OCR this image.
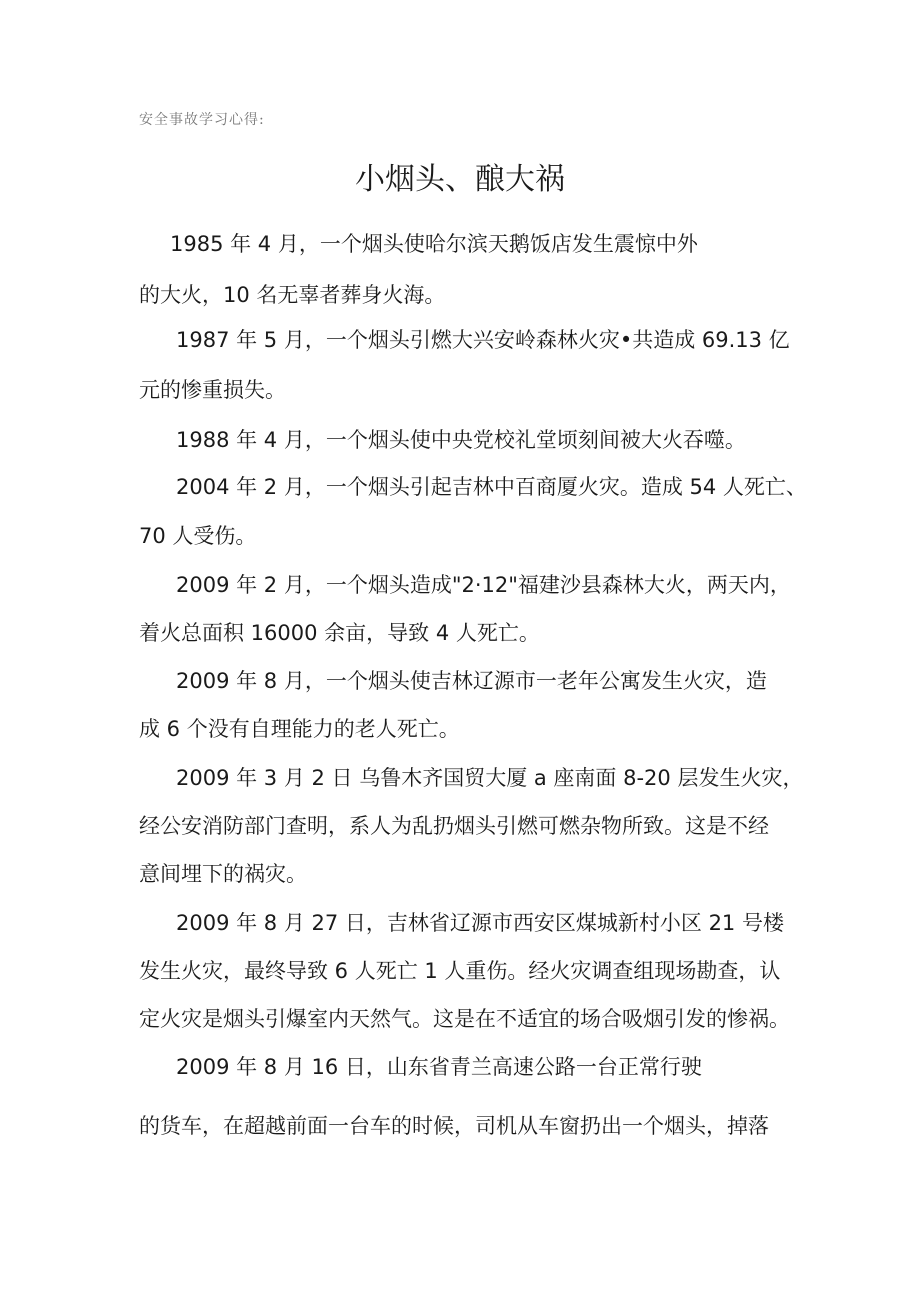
安全事故学习心得:
小烟头、酿大祸
1985 年 4 月，一个烟头使哈尔滨天鹅饭店发生震惊中外
的大火，10 名无辜者葬身火海。
1987 年 5 月，一个烟头引燃大兴安岭森林火灾•共造成 69.13 亿
元的惨重损失。
1988 年 4 月，一个烟头使中央党校礼堂顷刻间被大火吞噬。
2004 年 2 月，一个烟头引起吉林中百商厦火灾。造成 54 人死亡、
70 人受伤。
2009 年 2 月，一个烟头造成"2·12"福建沙县森林大火，两天内，
着火总面积 16000 余亩，导致 4 人死亡。
2009 年 8 月，一个烟头使吉林辽源市一老年公寓发生火灾，造
成 6 个没有自理能力的老人死亡。
2009 年 3 月 2 日 乌鲁木齐国贸大厦 a 座南面 8-20 层发生火灾，
经公安消防部门查明，系人为乱扔烟头引燃可燃杂物所致。这是不经
意间埋下的祸灾。
2009 年 8 月 27 日，吉林省辽源市西安区煤城新村小区 21 号楼
发生火灾，最终导致 6 人死亡 1 人重伤。经火灾调查组现场勘查，认
定火灾是烟头引爆室内天然气。这是在不适宜的场合吸烟引发的惨祸。
2009 年 8 月 16 日，山东省青兰高速公路一台正常行驶
的货车，在超越前面一台车的时候，司机从车窗扔出一个烟头，掉落
